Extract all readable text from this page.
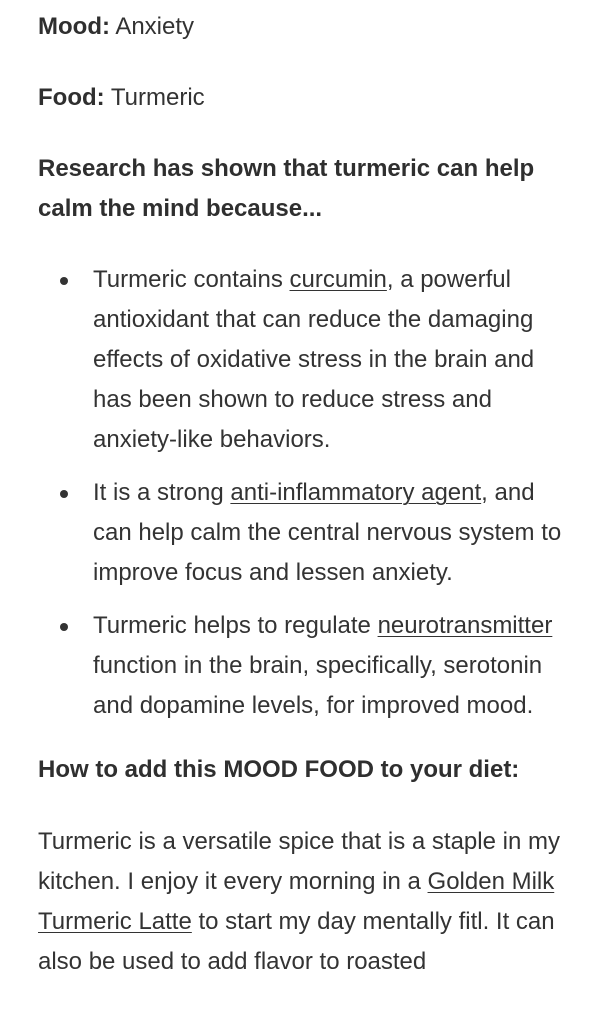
Mood: Anxiety

Food: Turmeric

Research has shown that turmeric can help calm the mind because...
Turmeric contains curcumin, a powerful antioxidant that can reduce the damaging effects of oxidative stress in the brain and has been shown to reduce stress and anxiety-like behaviors.
It is a strong anti-inflammatory agent, and can help calm the central nervous system to improve focus and lessen anxiety.
Turmeric helps to regulate neurotransmitter function in the brain, specifically, serotonin and dopamine levels, for improved mood.
How to add this MOOD FOOD to your diet:

Turmeric is a versatile spice that is a staple in my kitchen. I enjoy it every morning in a Golden Milk Turmeric Latte to start my day mentally fitl. It can also be used to add flavor to roasted
